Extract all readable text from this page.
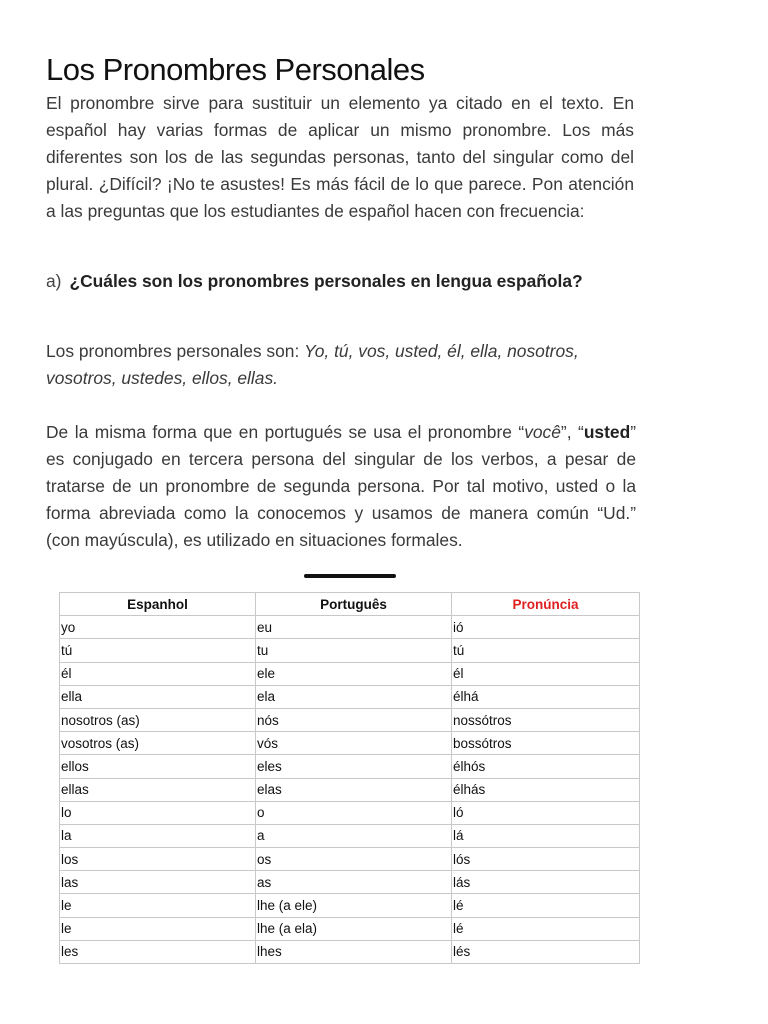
Los Pronombres Personales
El pronombre sirve para sustituir un elemento ya citado en el texto. En español hay varias formas de aplicar un mismo pronombre. Los más diferentes son los de las segundas personas, tanto del singular como del plural. ¿Difícil? ¡No te asustes! Es más fácil de lo que parece. Pon atención a las preguntas que los estudiantes de español hacen con frecuencia:
a) ¿Cuáles son los pronombres personales en lengua española?
Los pronombres personales son: Yo, tú, vos, usted, él, ella, nosotros, vosotros, ustedes, ellos, ellas.
De la misma forma que en portugués se usa el pronombre “você”, “usted” es conjugado en tercera persona del singular de los verbos, a pesar de tratarse de un pronombre de segunda persona. Por tal motivo, usted o la forma abreviada como la conocemos y usamos de manera común “Ud.” (con mayúscula), es utilizado en situaciones formales.
Espanhol	Português	Pronúncia
yo	eu	ió
tú	tu	tú
él	ele	él
ella	ela	élhá
nosotros (as)	nós	nossótros
vosotros (as)	vós	bossótros
ellos	eles	élhós
ellas	elas	élhás
lo	o	ló
la	a	lá
los	os	lós
las	as	lás
le	lhe (a ele)	lé
le	lhe (a ela)	lé
les	lhes	lés
